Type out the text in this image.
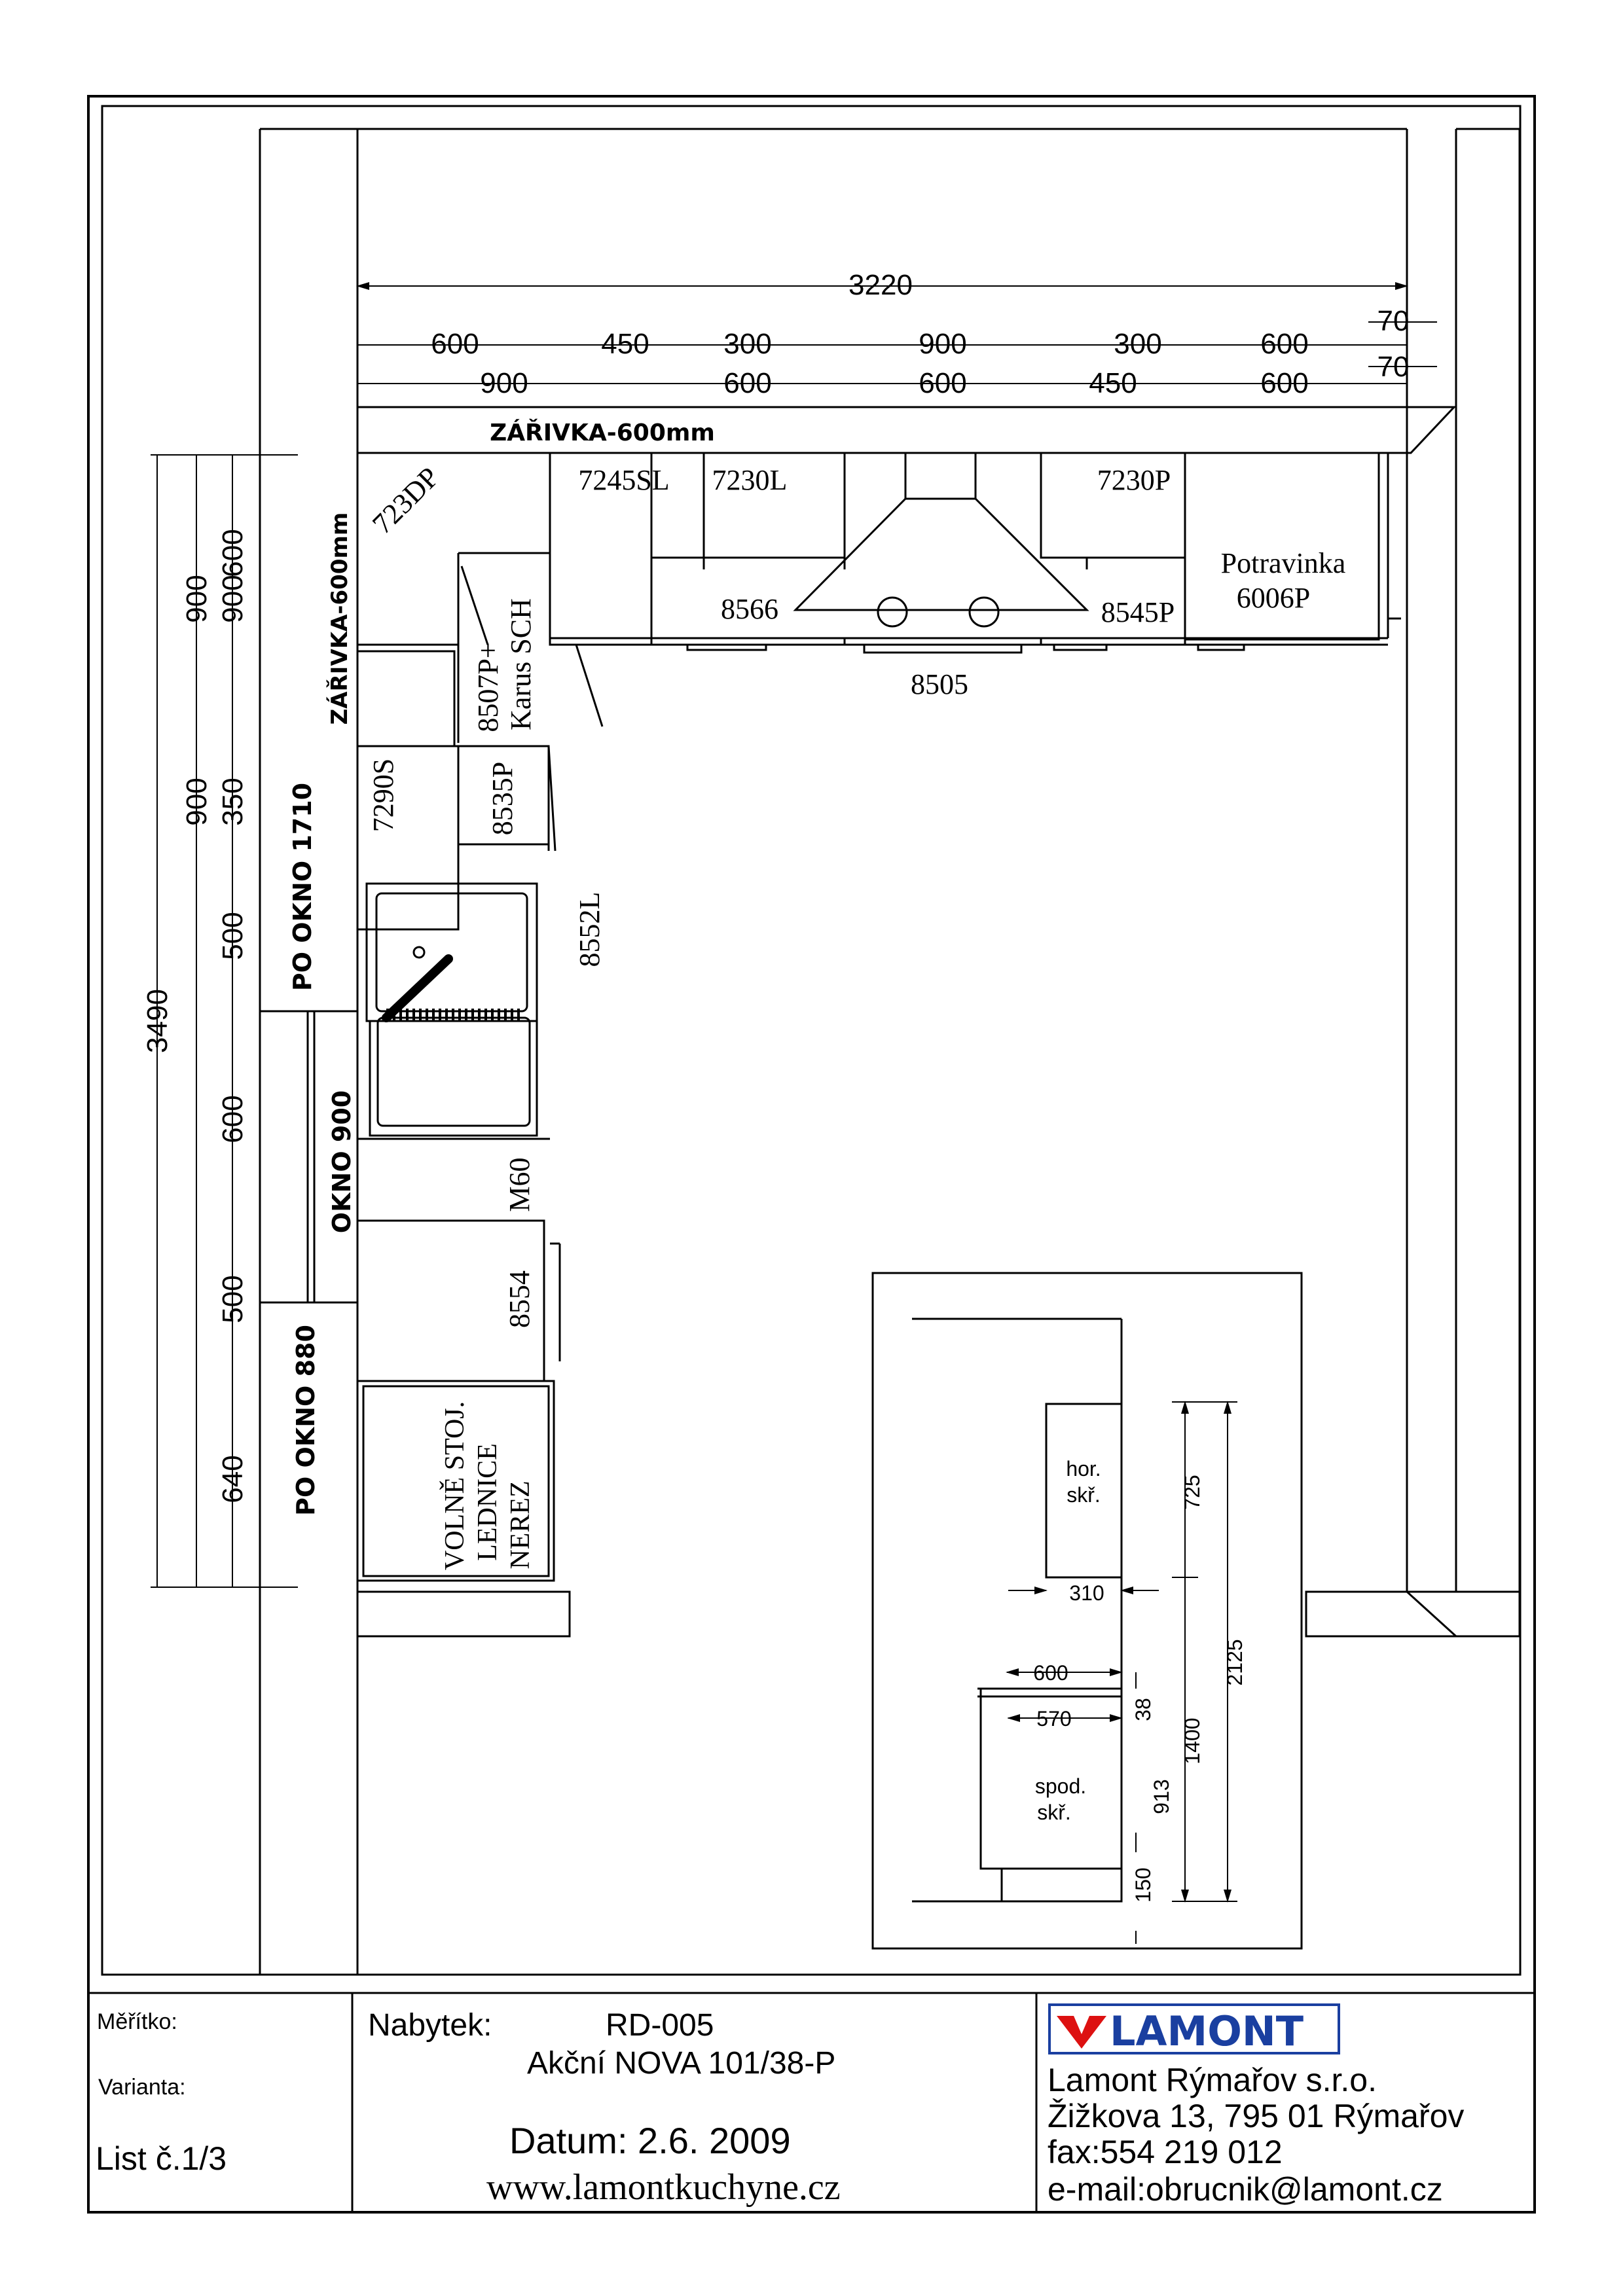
LAMONT
3220
600	450	300	900	300	600
900	600	600	450	600
70
70
3490
600
900
350
500
600
500
640
900
900	PO OKNO 1710
OKNO 900
PO OKNO 880
ZÁŘIVKA-600mm
ZÁŘIVKA-600mm
723DP	7245SL 7230L	7230P
Potravinka
6006P
8566	8545P
8505
8507P+ Karus SCH
7290S	8535P
8552L
M60
8554
VOLNĚ STOJ. LEDNICE NEREZ
hor.
skř.
spod.
skř.
310
600
570
725
2125
38
1400
913
150
Měřítko:
Varianta:
List č.1/3
Nabytek:	RD-005
Akční NOVA 101/38-P
Datum: 2.6. 2009
www.lamontkuchyne.cz
Lamont Rýmařov s.r.o.
Žižkova 13, 795 01 Rýmařov
fax:554 219 012
e-mail:obrucnik@lamont.cz
